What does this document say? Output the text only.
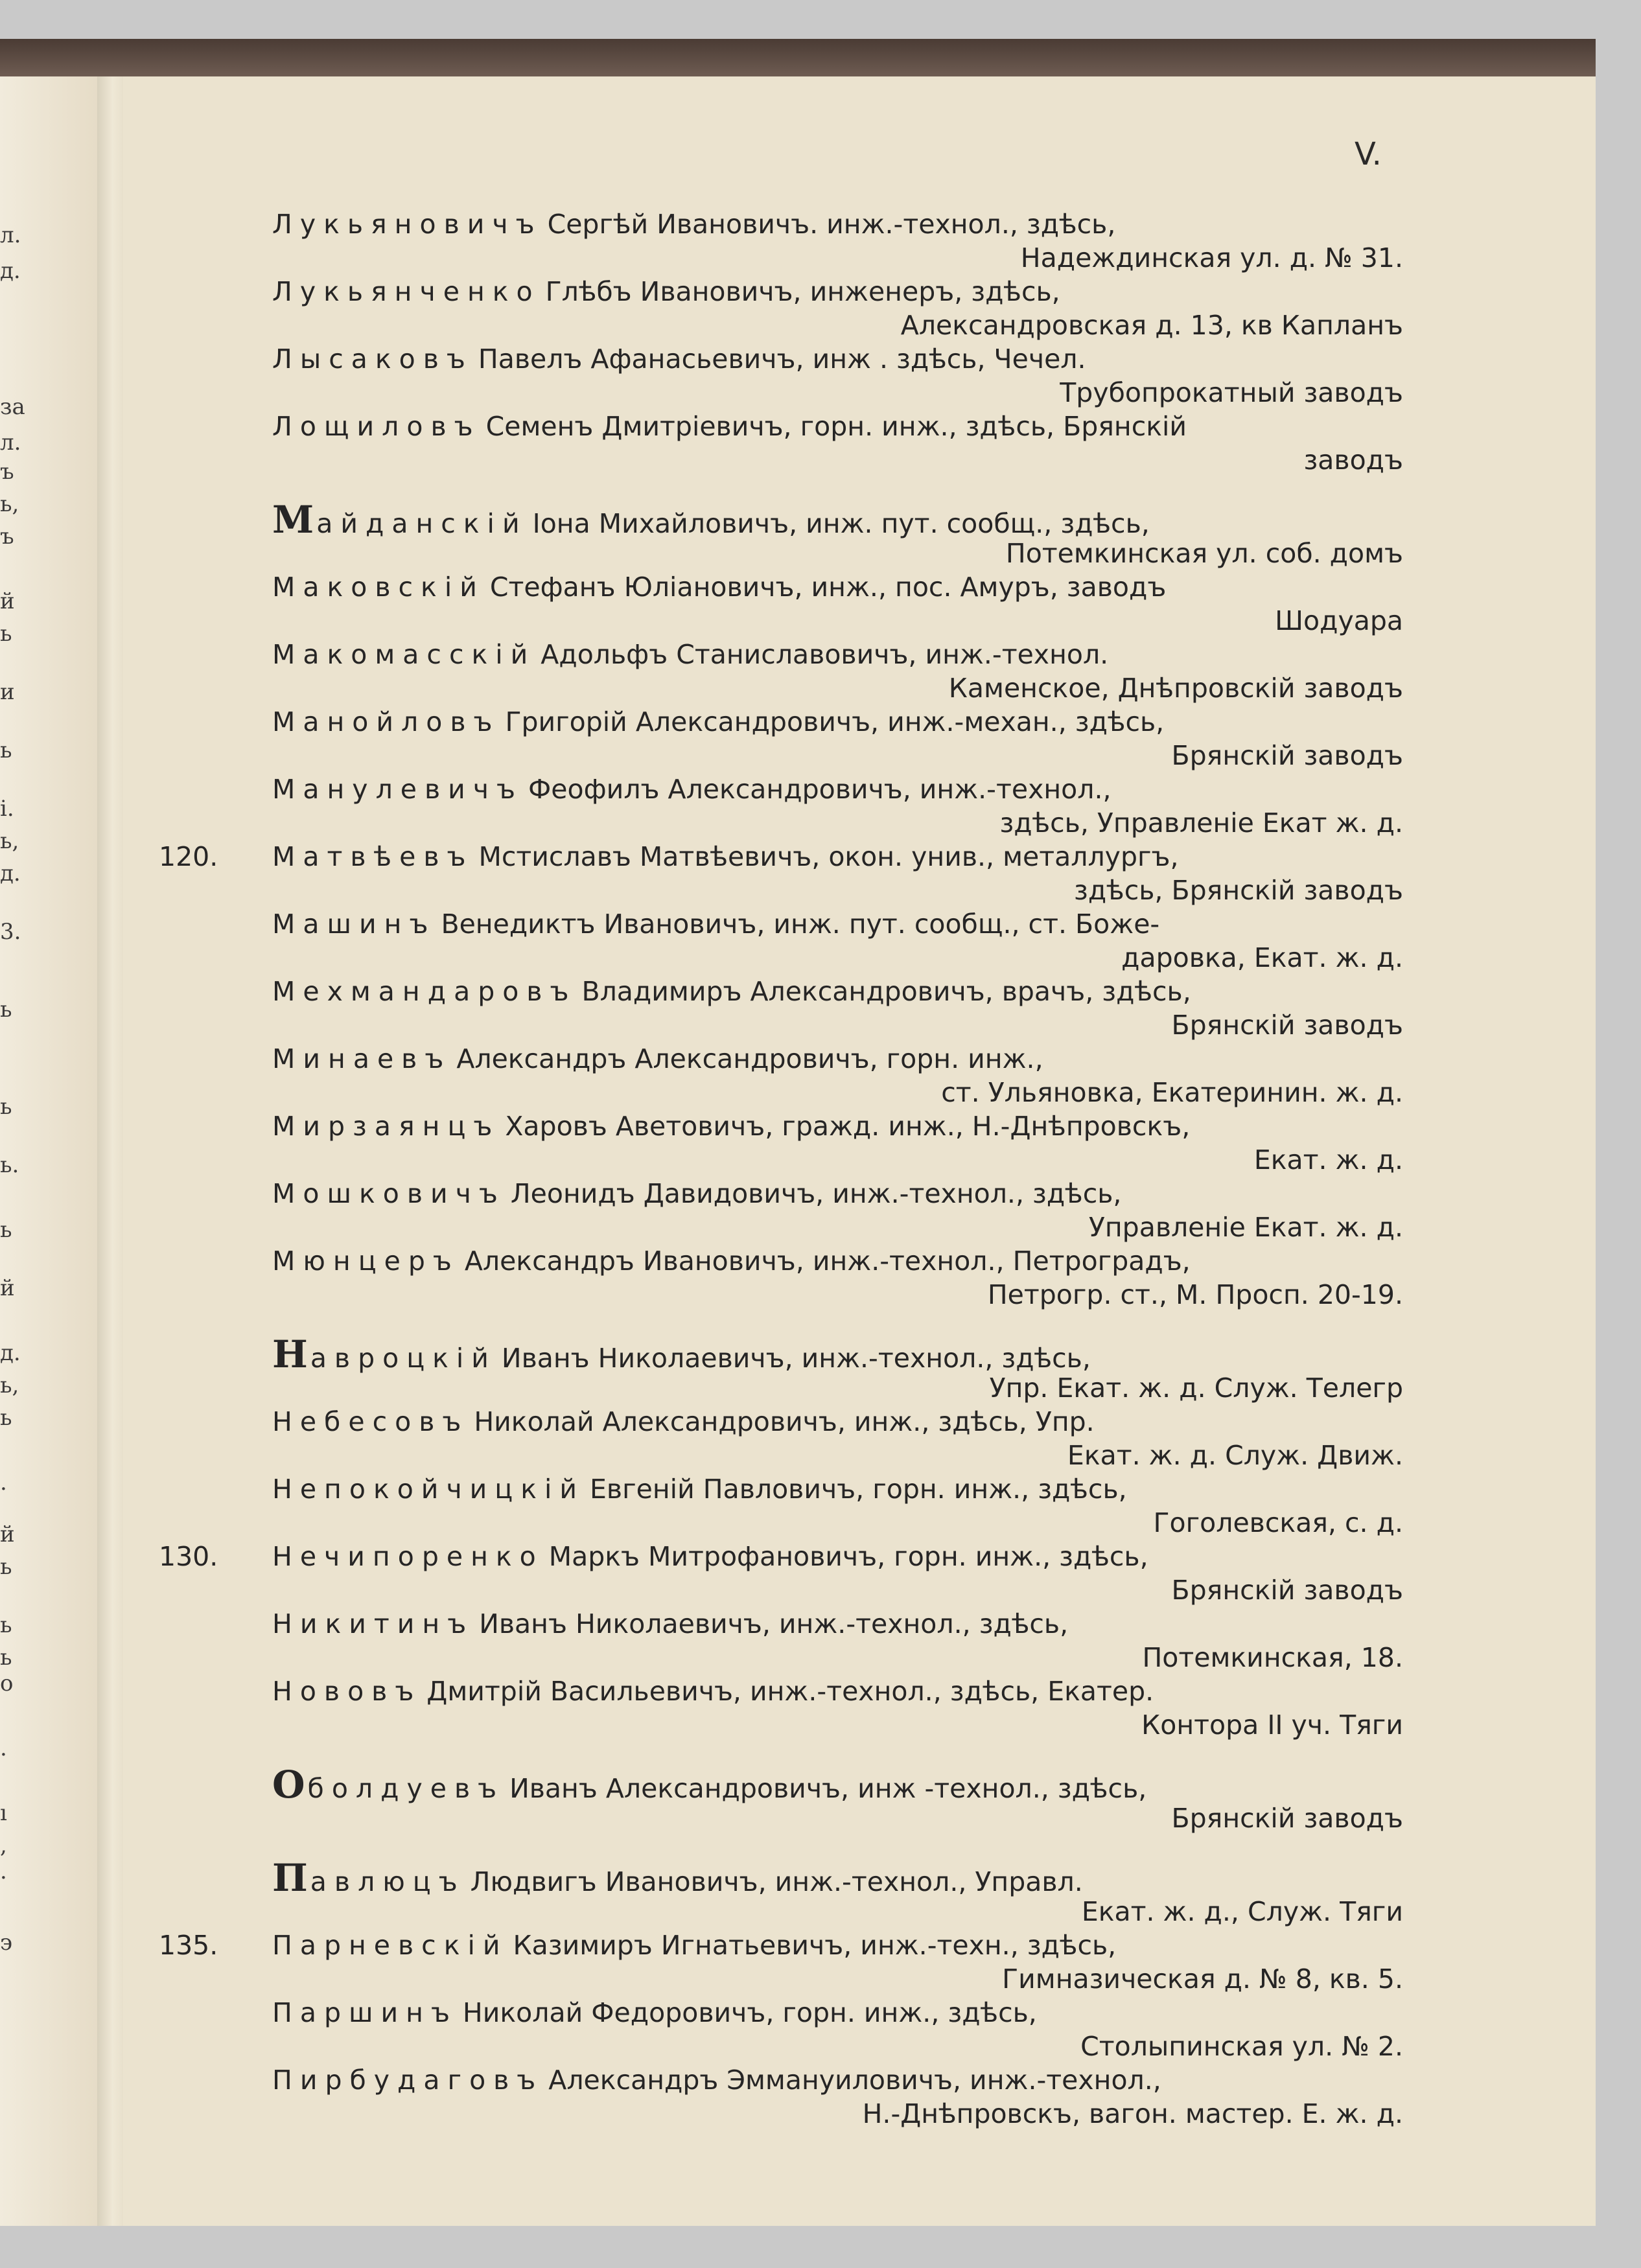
л.
д.
за
л.
ъ
ь,
ъ
й
ь
и
ь
і.
ь,
д.
3.
ь
ь
ь.
ь
й
д.
ь,
ь
.
й
ь
ь
ь
о
.
ı
,
·
э
V.
Лукьяновичъ Сергѣй Ивановичъ. инж.-технол., здѣсь,
Надеждинская ул. д. № 31.
Лукьянченко Глѣбъ Ивановичъ, инженеръ, здѣсь,
Александровская д. 13, кв Капланъ
Лысаковъ Павелъ Афанасьевичъ, инж . здѣсь, Чечел.
Трубопрокатный заводъ
Лощиловъ Семенъ Дмитріевичъ, горн. инж., здѣсь, Брянскій
заводъ
Майданскій Іона Михайловичъ, инж. пут. сообщ., здѣсь,
Потемкинская ул. соб. домъ
Маковскій Стефанъ Юліановичъ, инж., пос. Амуръ, заводъ
Шодуара
Макомасскій Адольфъ Станиславовичъ, инж.-технол.
Каменское, Днѣпровскій заводъ
Манойловъ Григорій Александровичъ, инж.-механ., здѣсь,
Брянскій заводъ
Манулевичъ Феофилъ Александровичъ, инж.-технол.,
здѣсь, Управленіе Екат ж. д.
120. Матвѣевъ Мстиславъ Матвѣевичъ, окон. унив., металлургъ,
здѣсь, Брянскій заводъ
Машинъ Венедиктъ Ивановичъ, инж. пут. сообщ., ст. Боже-
даровка, Екат. ж. д.
Мехмандаровъ Владимиръ Александровичъ, врачъ, здѣсь,
Брянскій заводъ
Минаевъ Александръ Александровичъ, горн. инж.,
ст. Ульяновка, Екатеринин. ж. д.
Мирзаянцъ Харовъ Аветовичъ, гражд. инж., Н.-Днѣпровскъ,
Екат. ж. д.
Мошковичъ Леонидъ Давидовичъ, инж.-технол., здѣсь,
Управленіе Екат. ж. д.
Мюнцеръ Александръ Ивановичъ, инж.-технол., Петроградъ,
Петрогр. ст., М. Просп. 20-19.
Навроцкій Иванъ Николаевичъ, инж.-технол., здѣсь,
Упр. Екат. ж. д. Служ. Телегр
Небесовъ Николай Александровичъ, инж., здѣсь, Упр.
Екат. ж. д. Служ. Движ.
Непокойчицкій Евгеній Павловичъ, горн. инж., здѣсь,
Гоголевская, с. д.
130. Нечипоренко Маркъ Митрофановичъ, горн. инж., здѣсь,
Брянскій заводъ
Никитинъ Иванъ Николаевичъ, инж.-технол., здѣсь,
Потемкинская, 18.
Нововъ Дмитрій Васильевичъ, инж.-технол., здѣсь, Екатер.
Контора II уч. Тяги
Оболдуевъ Иванъ Александровичъ, инж -технол., здѣсь,
Брянскій заводъ
Павлюцъ Людвигъ Ивановичъ, инж.-технол., Управл.
Екат. ж. д., Служ. Тяги
135. Парневскій Казимиръ Игнатьевичъ, инж.-техн., здѣсь,
Гимназическая д. № 8, кв. 5.
Паршинъ Николай Федоровичъ, горн. инж., здѣсь,
Столыпинская ул. № 2.
Пирбудаговъ Александръ Эммануиловичъ, инж.-технол.,
Н.-Днѣпровскъ, вагон. мастер. Е. ж. д.
